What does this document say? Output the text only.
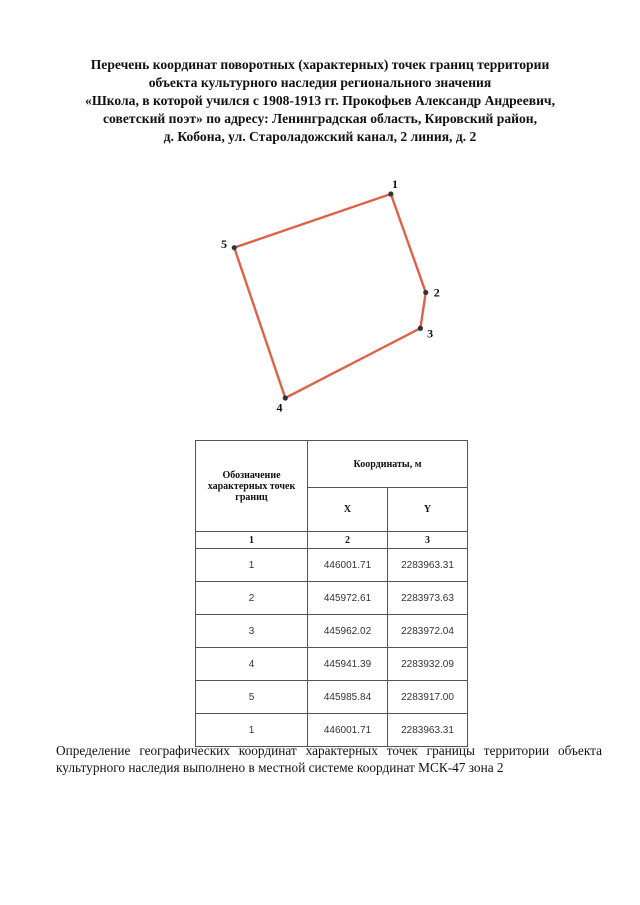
Перечень координат поворотных (характерных) точек границ территории
объекта культурного наследия регионального значения
«Школа, в которой учился с 1908-1913 гг. Прокофьев Александр Андреевич,
советский поэт» по адресу: Ленинградская область, Кировский район,
д. Кобона, ул. Староладожский канал, 2 линия, д. 2
1
2
3
4
5
Обозначение характерных точек границ	Координаты, м	
	X	Y
1	2	3
1	446001.71	2283963.31
2	445972.61	2283973.63
3	445962.02	2283972.04
4	445941.39	2283932.09
5	445985.84	2283917.00
1	446001.71	2283963.31
Определение географических координат характерных точек границы территории объекта культурного наследия выполнено в местной системе координат МСК-47 зона 2
